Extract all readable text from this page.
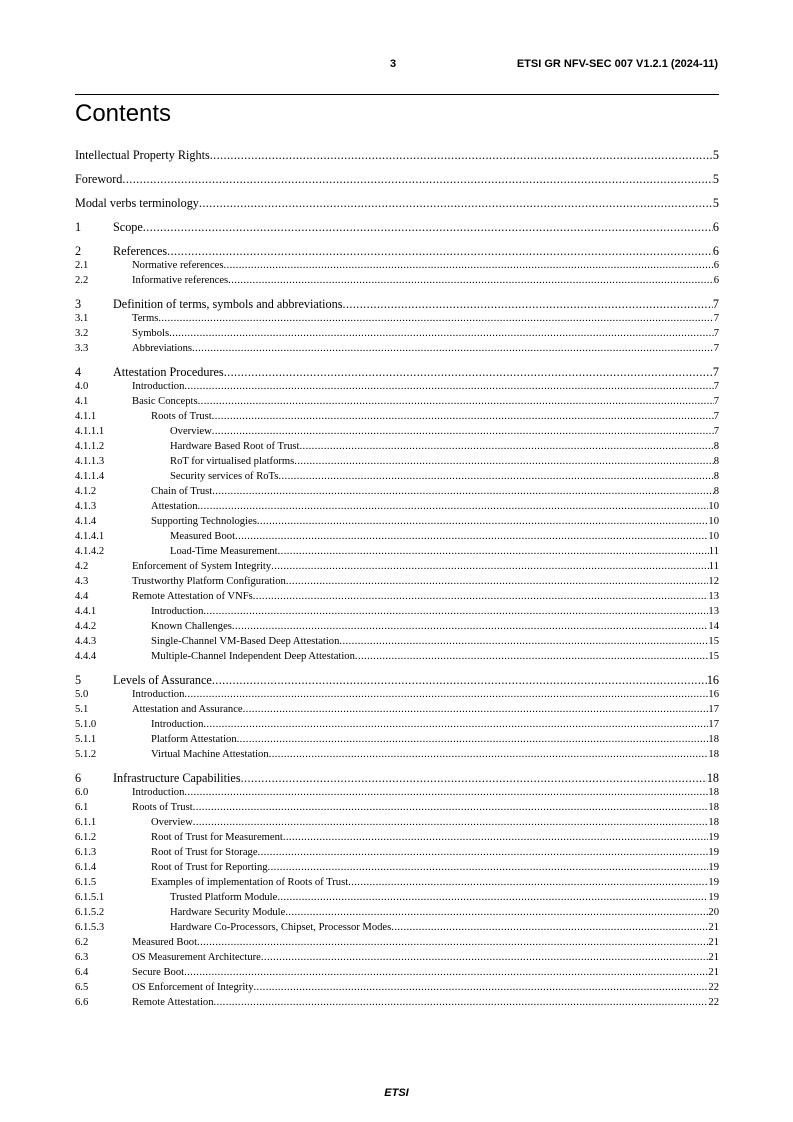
3	ETSI GR NFV-SEC 007 V1.2.1 (2024-11)
Contents
Intellectual Property Rights .....	5
Foreword .....	5
Modal verbs terminology .....	5
1	Scope .....	6
2	References .....	6
2.1	Normative references .....	6
2.2	Informative references .....	6
3	Definition of terms, symbols and abbreviations .....	7
3.1	Terms .....	7
3.2	Symbols .....	7
3.3	Abbreviations .....	7
4	Attestation Procedures .....	7
4.0	Introduction .....	7
4.1	Basic Concepts .....	7
4.1.1	Roots of Trust .....	7
4.1.1.1	Overview .....	7
4.1.1.2	Hardware Based Root of Trust .....	8
4.1.1.3	RoT for virtualised platforms .....	8
4.1.1.4	Security services of RoTs .....	8
4.1.2	Chain of Trust .....	8
4.1.3	Attestation .....	10
4.1.4	Supporting Technologies .....	10
4.1.4.1	Measured Boot .....	10
4.1.4.2	Load-Time Measurement .....	11
4.2	Enforcement of System Integrity .....	11
4.3	Trustworthy Platform Configuration .....	12
4.4	Remote Attestation of VNFs .....	13
4.4.1	Introduction .....	13
4.4.2	Known Challenges .....	14
4.4.3	Single-Channel VM-Based Deep Attestation .....	15
4.4.4	Multiple-Channel Independent Deep Attestation .....	15
5	Levels of Assurance .....	16
5.0	Introduction .....	16
5.1	Attestation and Assurance .....	17
5.1.0	Introduction .....	17
5.1.1	Platform Attestation .....	18
5.1.2	Virtual Machine Attestation .....	18
6	Infrastructure Capabilities .....	18
6.0	Introduction .....	18
6.1	Roots of Trust .....	18
6.1.1	Overview .....	18
6.1.2	Root of Trust for Measurement .....	19
6.1.3	Root of Trust for Storage .....	19
6.1.4	Root of Trust for Reporting .....	19
6.1.5	Examples of implementation of Roots of Trust .....	19
6.1.5.1	Trusted Platform Module .....	19
6.1.5.2	Hardware Security Module .....	20
6.1.5.3	Hardware Co-Processors, Chipset, Processor Modes .....	21
6.2	Measured Boot .....	21
6.3	OS Measurement Architecture .....	21
6.4	Secure Boot .....	21
6.5	OS Enforcement of Integrity .....	22
6.6	Remote Attestation .....	22
ETSI
